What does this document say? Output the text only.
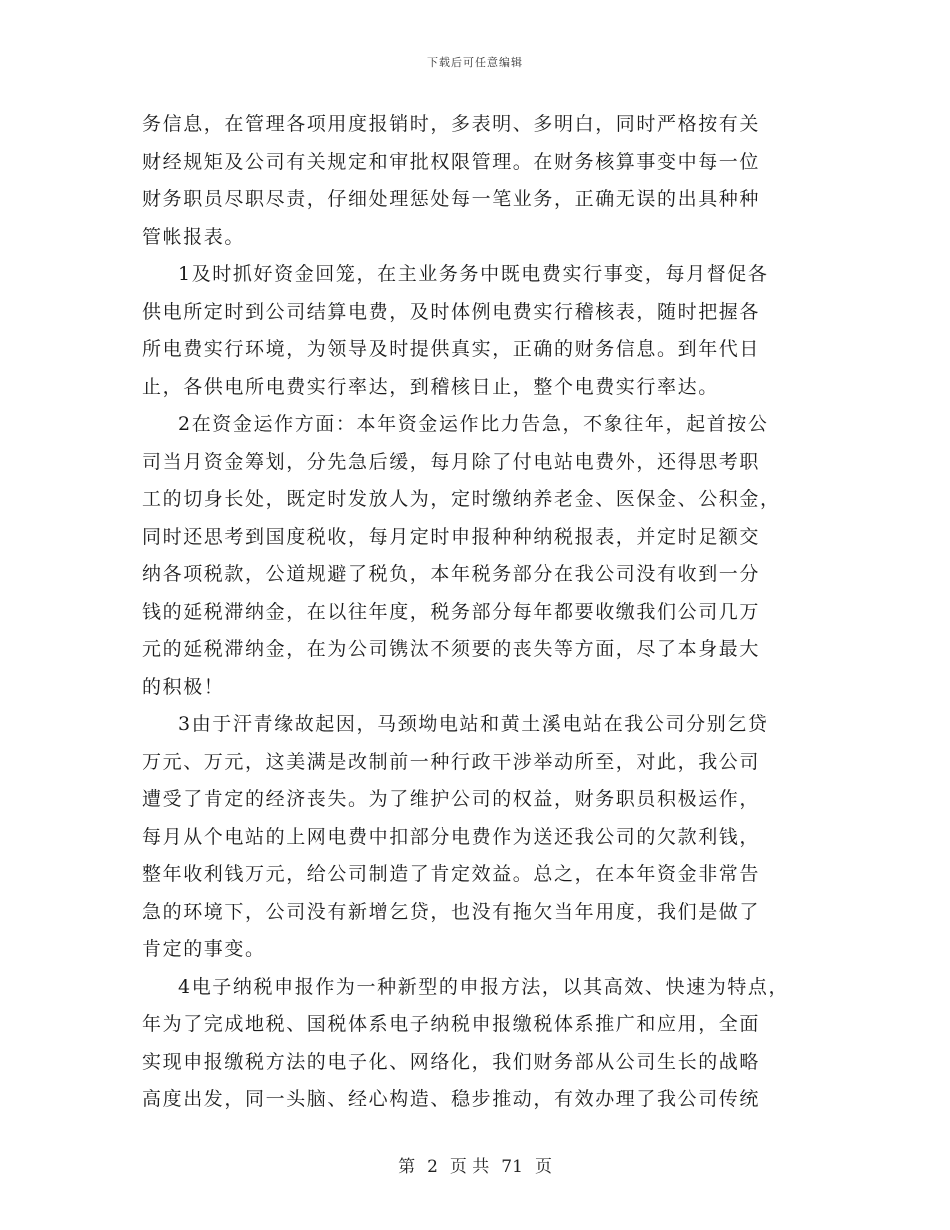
下载后可任意编辑
务信息，在管理各项用度报销时，多表明、多明白，同时严格按有关
财经规矩及公司有关规定和审批权限管理。在财务核算事变中每一位
财务职员尽职尽责，仔细处理惩处每一笔业务，正确无误的出具种种
管帐报表。
1及时抓好资金回笼，在主业务务中既电费实行事变，每月督促各
供电所定时到公司结算电费，及时体例电费实行稽核表，随时把握各
所电费实行环境，为领导及时提供真实，正确的财务信息。到年代日
止，各供电所电费实行率达，到稽核日止，整个电费实行率达。
2在资金运作方面：本年资金运作比力告急，不象往年，起首按公
司当月资金筹划，分先急后缓，每月除了付电站电费外，还得思考职
工的切身长处，既定时发放人为，定时缴纳养老金、医保金、公积金，
同时还思考到国度税收，每月定时申报种种纳税报表，并定时足额交
纳各项税款，公道规避了税负，本年税务部分在我公司没有收到一分
钱的延税滞纳金，在以往年度，税务部分每年都要收缴我们公司几万
元的延税滞纳金，在为公司镌汰不须要的丧失等方面，尽了本身最大
的积极！
3由于汗青缘故起因，马颈坳电站和黄土溪电站在我公司分别乞贷
万元、万元，这美满是改制前一种行政干涉举动所至，对此，我公司
遭受了肯定的经济丧失。为了维护公司的权益，财务职员积极运作，
每月从个电站的上网电费中扣部分电费作为送还我公司的欠款利钱，
整年收利钱万元，给公司制造了肯定效益。总之，在本年资金非常告
急的环境下，公司没有新增乞贷，也没有拖欠当年用度，我们是做了
肯定的事变。
4电子纳税申报作为一种新型的申报方法，以其高效、快速为特点，
年为了完成地税、国税体系电子纳税申报缴税体系推广和应用，全面
实现申报缴税方法的电子化、网络化，我们财务部从公司生长的战略
高度出发，同一头脑、经心构造、稳步推动，有效办理了我公司传统
第 2 页 共 71 页
